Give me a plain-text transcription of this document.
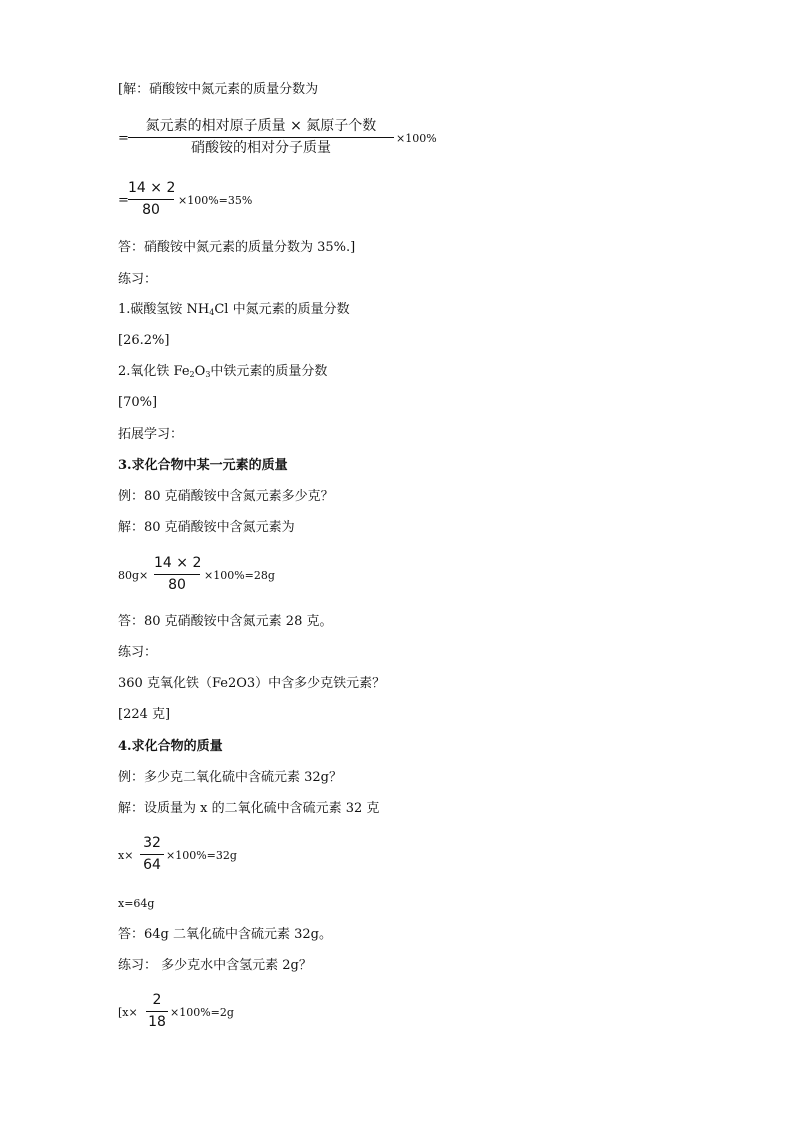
[解：硝酸铵中氮元素的质量分数为
=
氮元素的相对原子质量 × 氮原子个数
硝酸铵的相对分子质量
×100%
=
14 × 2
80
×100%=35%
答：硝酸铵中氮元素的质量分数为 35%.]
练习：
1.碳酸氢铵 $NH_4Cl$ 中氮元素的质量分数
[26.2%]
2.氧化铁 $Fe_2O_3$中铁元素的质量分数
[70%]
拓展学习：
3.求化合物中某一元素的质量
例：80 克硝酸铵中含氮元素多少克？
解：80 克硝酸铵中含氮元素为
80g×
14 × 2
80
×100%=28g
答：80 克硝酸铵中含氮元素 28 克。
练习：
360 克氧化铁（Fe2O3）中含多少克铁元素？
[224 克]
4.求化合物的质量
例：多少克二氧化硫中含硫元素 32g？
解：设质量为 x 的二氧化硫中含硫元素 32 克
x×
32
64
×100%=32g
x=64g
答：64g 二氧化硫中含硫元素 32g。
练习： 多少克水中含氢元素 2g？
[x×
2
18
×100%=2g
